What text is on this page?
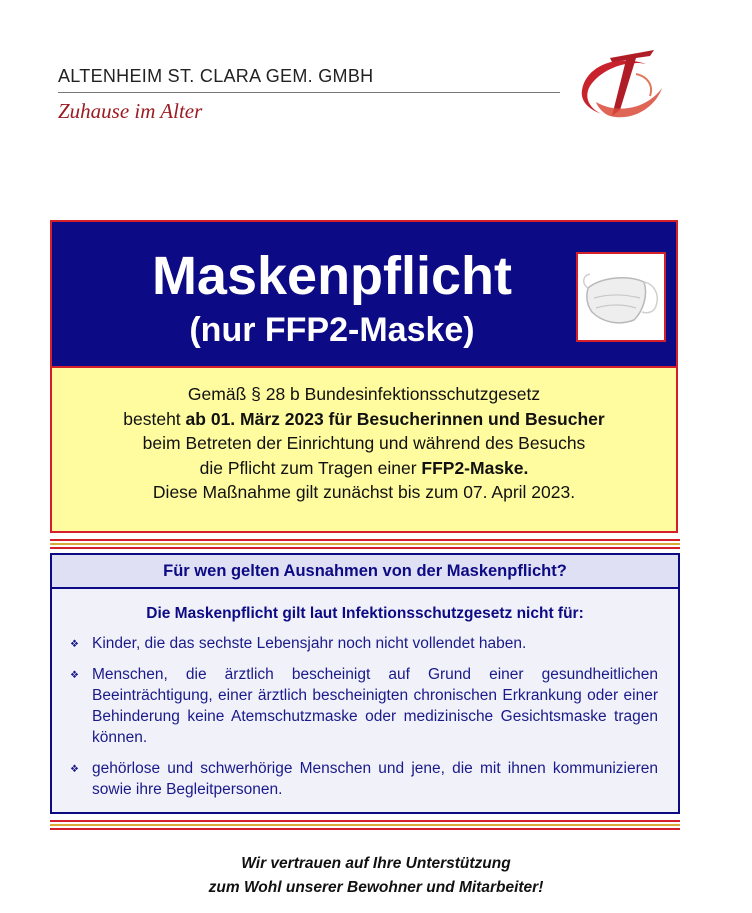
ALTENHEIM ST. CLARA GEM. GMBH
Zuhause im Alter
Maskenpflicht
(nur FFP2-Maske)
Gemäß § 28 b Bundesinfektionsschutzgesetz
besteht ab 01. März 2023 für Besucherinnen und Besucher
beim Betreten der Einrichtung und während des Besuchs
die Pflicht zum Tragen einer FFP2-Maske.
Diese Maßnahme gilt zunächst bis zum 07. April 2023.
Für wen gelten Ausnahmen von der Maskenpflicht?
Die Maskenpflicht gilt laut Infektionsschutzgesetz nicht für:
❖ Kinder, die das sechste Lebensjahr noch nicht vollendet haben.
❖ Menschen, die ärztlich bescheinigt auf Grund einer gesundheitlichen Beeinträchtigung, einer ärztlich bescheinigten chronischen Erkrankung oder einer Behinderung keine Atemschutzmaske oder medizinische Gesichtsmaske tragen können.
❖ gehörlose und schwerhörige Menschen und jene, die mit ihnen kommunizieren sowie ihre Begleitpersonen.
Wir vertrauen auf Ihre Unterstützung
zum Wohl unserer Bewohner und Mitarbeiter!
